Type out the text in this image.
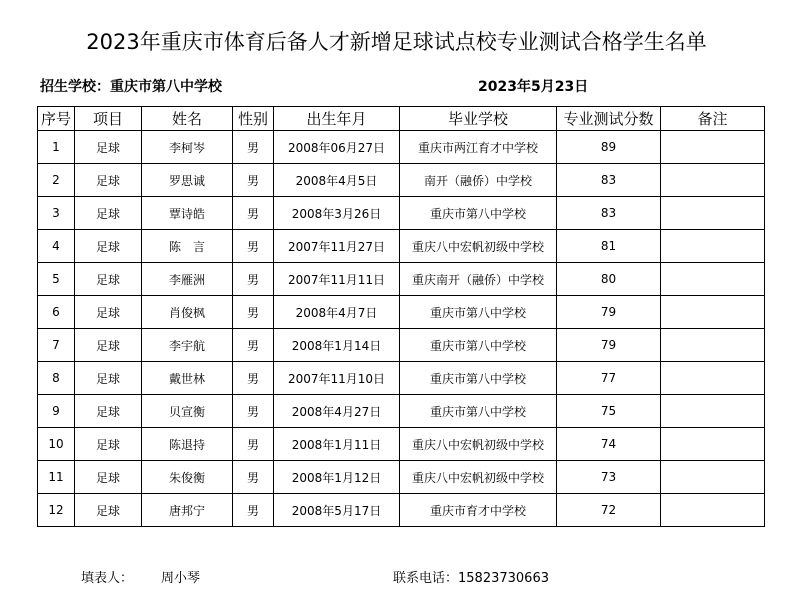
2023年重庆市体育后备人才新增足球试点校专业测试合格学生名单
招生学校：重庆市第八中学校	2023年5月23日
序号	项目	姓名	性别	出生年月	毕业学校	专业测试分数	备注
1	足球	李柯岑	男	2008年06月27日	重庆市两江育才中学校	89	
2	足球	罗思诚	男	2008年4月5日	南开（融侨）中学校	83	
3	足球	覃诗皓	男	2008年3月26日	重庆市第八中学校	83	
4	足球	陈　言	男	2007年11月27日	重庆八中宏帆初级中学校	81	
5	足球	李雁洲	男	2007年11月11日	重庆南开（融侨）中学校	80	
6	足球	肖俊枫	男	2008年4月7日	重庆市第八中学校	79	
7	足球	李宇航	男	2008年1月14日	重庆市第八中学校	79	
8	足球	戴世林	男	2007年11月10日	重庆市第八中学校	77	
9	足球	贝宣衡	男	2008年4月27日	重庆市第八中学校	75	
10	足球	陈退持	男	2008年1月11日	重庆八中宏帆初级中学校	74	
11	足球	朱俊衡	男	2008年1月12日	重庆八中宏帆初级中学校	73	
12	足球	唐邦宁	男	2008年5月17日	重庆市育才中学校	72	
填表人： 周小琴	联系电话：15823730663
